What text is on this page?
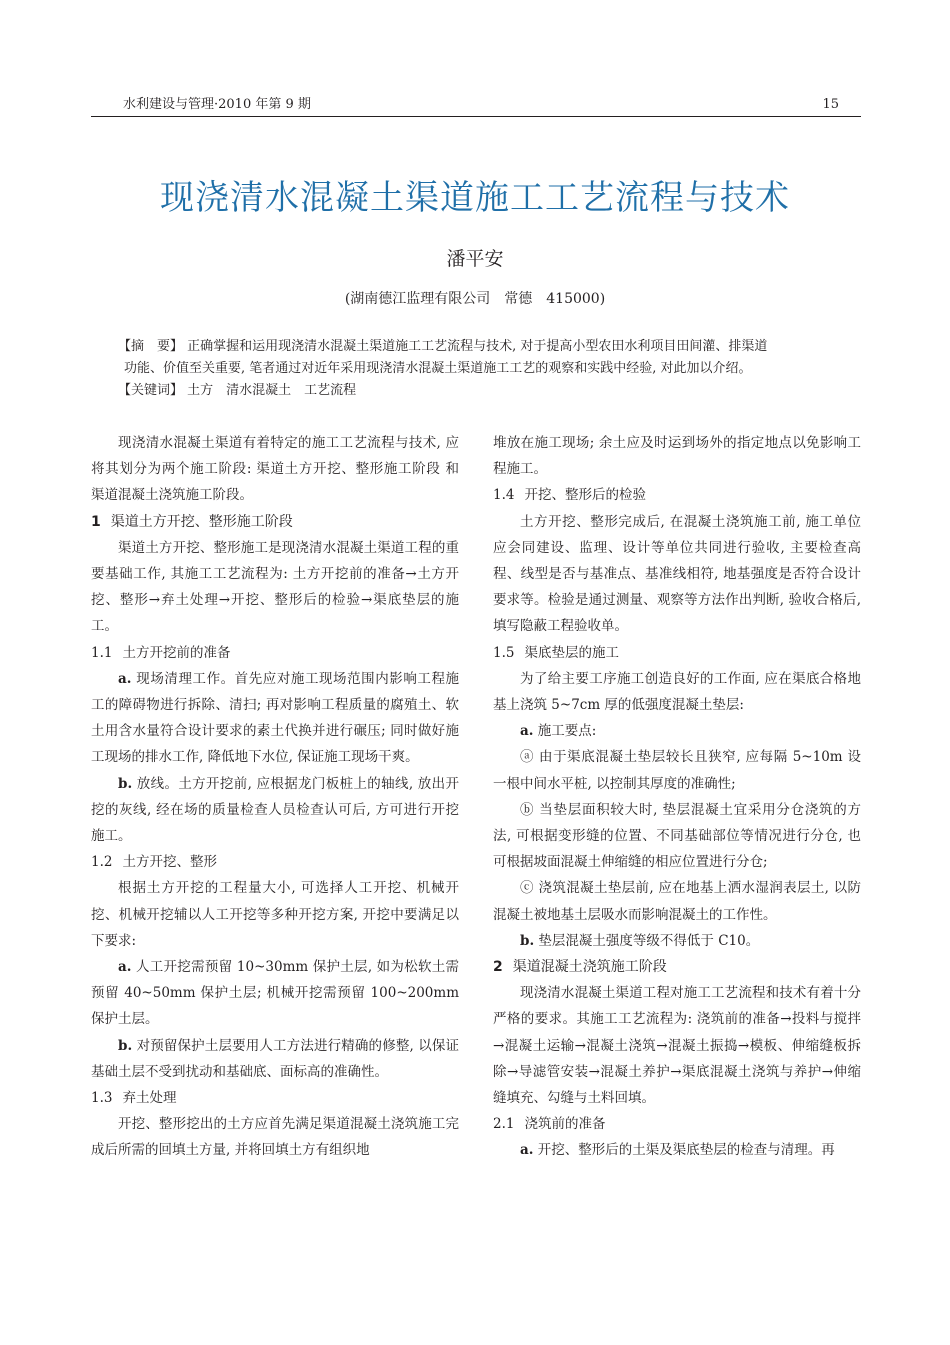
水利建设与管理·2010 年第 9 期	15
现浇清水混凝土渠道施工工艺流程与技术
潘平安
(湖南德江监理有限公司　常德　415000)

【摘　要】 正确掌握和运用现浇清水混凝土渠道施工工艺流程与技术, 对于提高小型农田水利项目田间灌、排渠道

功能、价值至关重要, 笔者通过对近年采用现浇清水混凝土渠道施工工艺的观察和实践中经验, 对此加以介绍。

【关键词】 土方　清水混凝土　工艺流程

现浇清水混凝土渠道有着特定的施工工艺流程与技术, 应将其划分为两个施工阶段: 渠道土方开挖、整形施工阶段 和 渠道混凝土浇筑施工阶段。

1 渠道土方开挖、整形施工阶段

渠道土方开挖、整形施工是现浇清水混凝土渠道工程的重要基础工作, 其施工工艺流程为: 土方开挖前的准备→土方开挖、整形→弃土处理→开挖、整形后的检验→渠底垫层的施工。

1.1 土方开挖前的准备

a. 现场清理工作。首先应对施工现场范围内影响工程施工的障碍物进行拆除、清扫; 再对影响工程质量的腐殖土、软土用含水量符合设计要求的素土代换并进行碾压; 同时做好施工现场的排水工作, 降低地下水位, 保证施工现场干爽。

b. 放线。土方开挖前, 应根据龙门板桩上的轴线, 放出开挖的灰线, 经在场的质量检查人员检查认可后, 方可进行开挖施工。

1.2 土方开挖、整形

根据土方开挖的工程量大小, 可选择人工开挖、机械开挖、机械开挖辅以人工开挖等多种开挖方案, 开挖中要满足以下要求:

a. 人工开挖需预留 10~30mm 保护土层, 如为松软土需预留 40~50mm 保护土层; 机械开挖需预留 100~200mm 保护土层。

b. 对预留保护土层要用人工方法进行精确的修整, 以保证基础土层不受到扰动和基础底、面标高的准确性。

1.3 弃土处理

开挖、整形挖出的土方应首先满足渠道混凝土浇筑施工完成后所需的回填土方量, 并将回填土方有组织地

堆放在施工现场; 余土应及时运到场外的指定地点以免影响工程施工。

1.4 开挖、整形后的检验

土方开挖、整形完成后, 在混凝土浇筑施工前, 施工单位应会同建设、监理、设计等单位共同进行验收, 主要检查高程、线型是否与基准点、基准线相符, 地基强度是否符合设计要求等。检验是通过测量、观察等方法作出判断, 验收合格后, 填写隐蔽工程验收单。

1.5 渠底垫层的施工

为了给主要工序施工创造良好的工作面, 应在渠底合格地基上浇筑 5~7cm 厚的低强度混凝土垫层:

a. 施工要点:

ⓐ 由于渠底混凝土垫层较长且狭窄, 应每隔 5~10m 设一根中间水平桩, 以控制其厚度的准确性;

ⓑ 当垫层面积较大时, 垫层混凝土宜采用分仓浇筑的方法, 可根据变形缝的位置、不同基础部位等情况进行分仓, 也可根据坡面混凝土伸缩缝的相应位置进行分仓;

ⓒ 浇筑混凝土垫层前, 应在地基上洒水湿润表层土, 以防混凝土被地基土层吸水而影响混凝土的工作性。

b. 垫层混凝土强度等级不得低于 C10。

2 渠道混凝土浇筑施工阶段

现浇清水混凝土渠道工程对施工工艺流程和技术有着十分严格的要求。其施工工艺流程为: 浇筑前的准备→投料与搅拌→混凝土运输→混凝土浇筑→混凝土振捣→模板、伸缩缝板拆除→导滤管安装→混凝土养护→渠底混凝土浇筑与养护→伸缩缝填充、勾缝与土料回填。

2.1 浇筑前的准备

a. 开挖、整形后的土渠及渠底垫层的检查与清理。再
